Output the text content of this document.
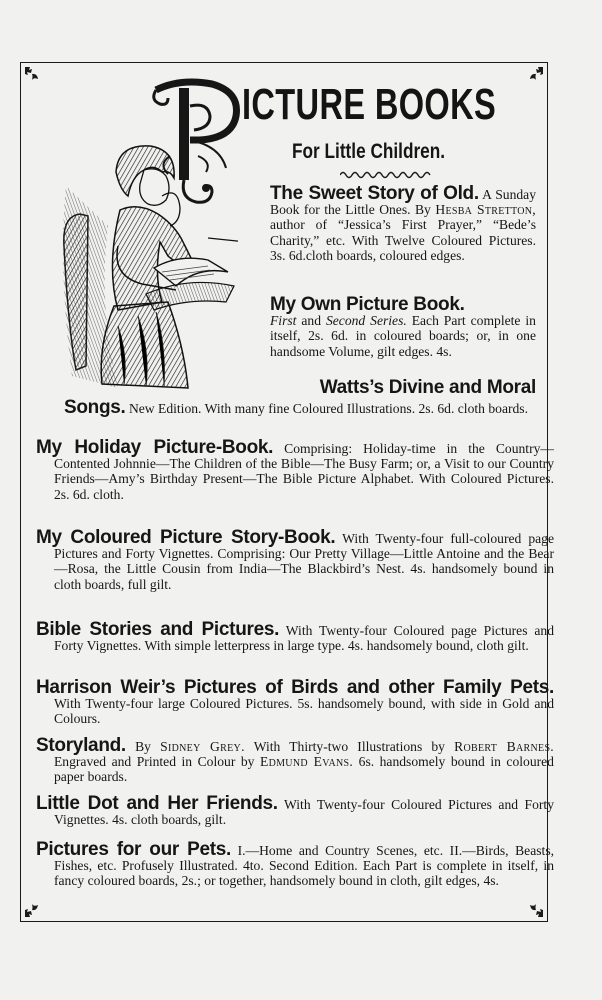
ICTURE BOOKS
For Little Children.

The Sweet Story of Old. A Sunday Book for the Little Ones. By Hesba Stretton, author of “Jessica’s First Prayer,” “Bede’s Charity,” etc. With Twelve Coloured Pictures. 3s. 6d.cloth boards, coloured edges.

My Own Picture Book.
First and Second Series. Each Part complete in itself, 2s. 6d. in coloured boards; or, in one handsome Volume, gilt edges. 4s.

Watts’s Divine and Moral

Songs. New Edition. With many fine Coloured Illustrations. 2s. 6d. cloth boards.

My Holiday Picture-Book. Comprising: Holiday-time in the Country—Contented Johnnie—The Children of the Bible—The Busy Farm; or, a Visit to our Country Friends—Amy’s Birthday Present—The Bible Picture Alphabet. With Coloured Pictures. 2s. 6d. cloth.

My Coloured Picture Story-Book. With Twenty-four full-coloured page Pictures and Forty Vignettes. Comprising: Our Pretty Village—Little Antoine and the Bear—Rosa, the Little Cousin from India—The Blackbird’s Nest. 4s. handsomely bound in cloth boards, full gilt.

Bible Stories and Pictures. With Twenty-four Coloured page Pictures and Forty Vignettes. With simple letterpress in large type. 4s. handsomely bound, cloth gilt.

Harrison Weir’s Pictures of Birds and other Family Pets. With Twenty-four large Coloured Pictures. 5s. handsomely bound, with side in Gold and Colours.

Storyland. By Sidney Grey. With Thirty-two Illustrations by Robert Barnes. Engraved and Printed in Colour by Edmund Evans. 6s. handsomely bound in coloured paper boards.

Little Dot and Her Friends. With Twenty-four Coloured Pictures and Forty Vignettes. 4s. cloth boards, gilt.

Pictures for our Pets. I.—Home and Country Scenes, etc. II.—Birds, Beasts, Fishes, etc. Profusely Illustrated. 4to. Second Edition. Each Part is complete in itself, in fancy coloured boards, 2s.; or together, handsomely bound in cloth, gilt edges, 4s.
